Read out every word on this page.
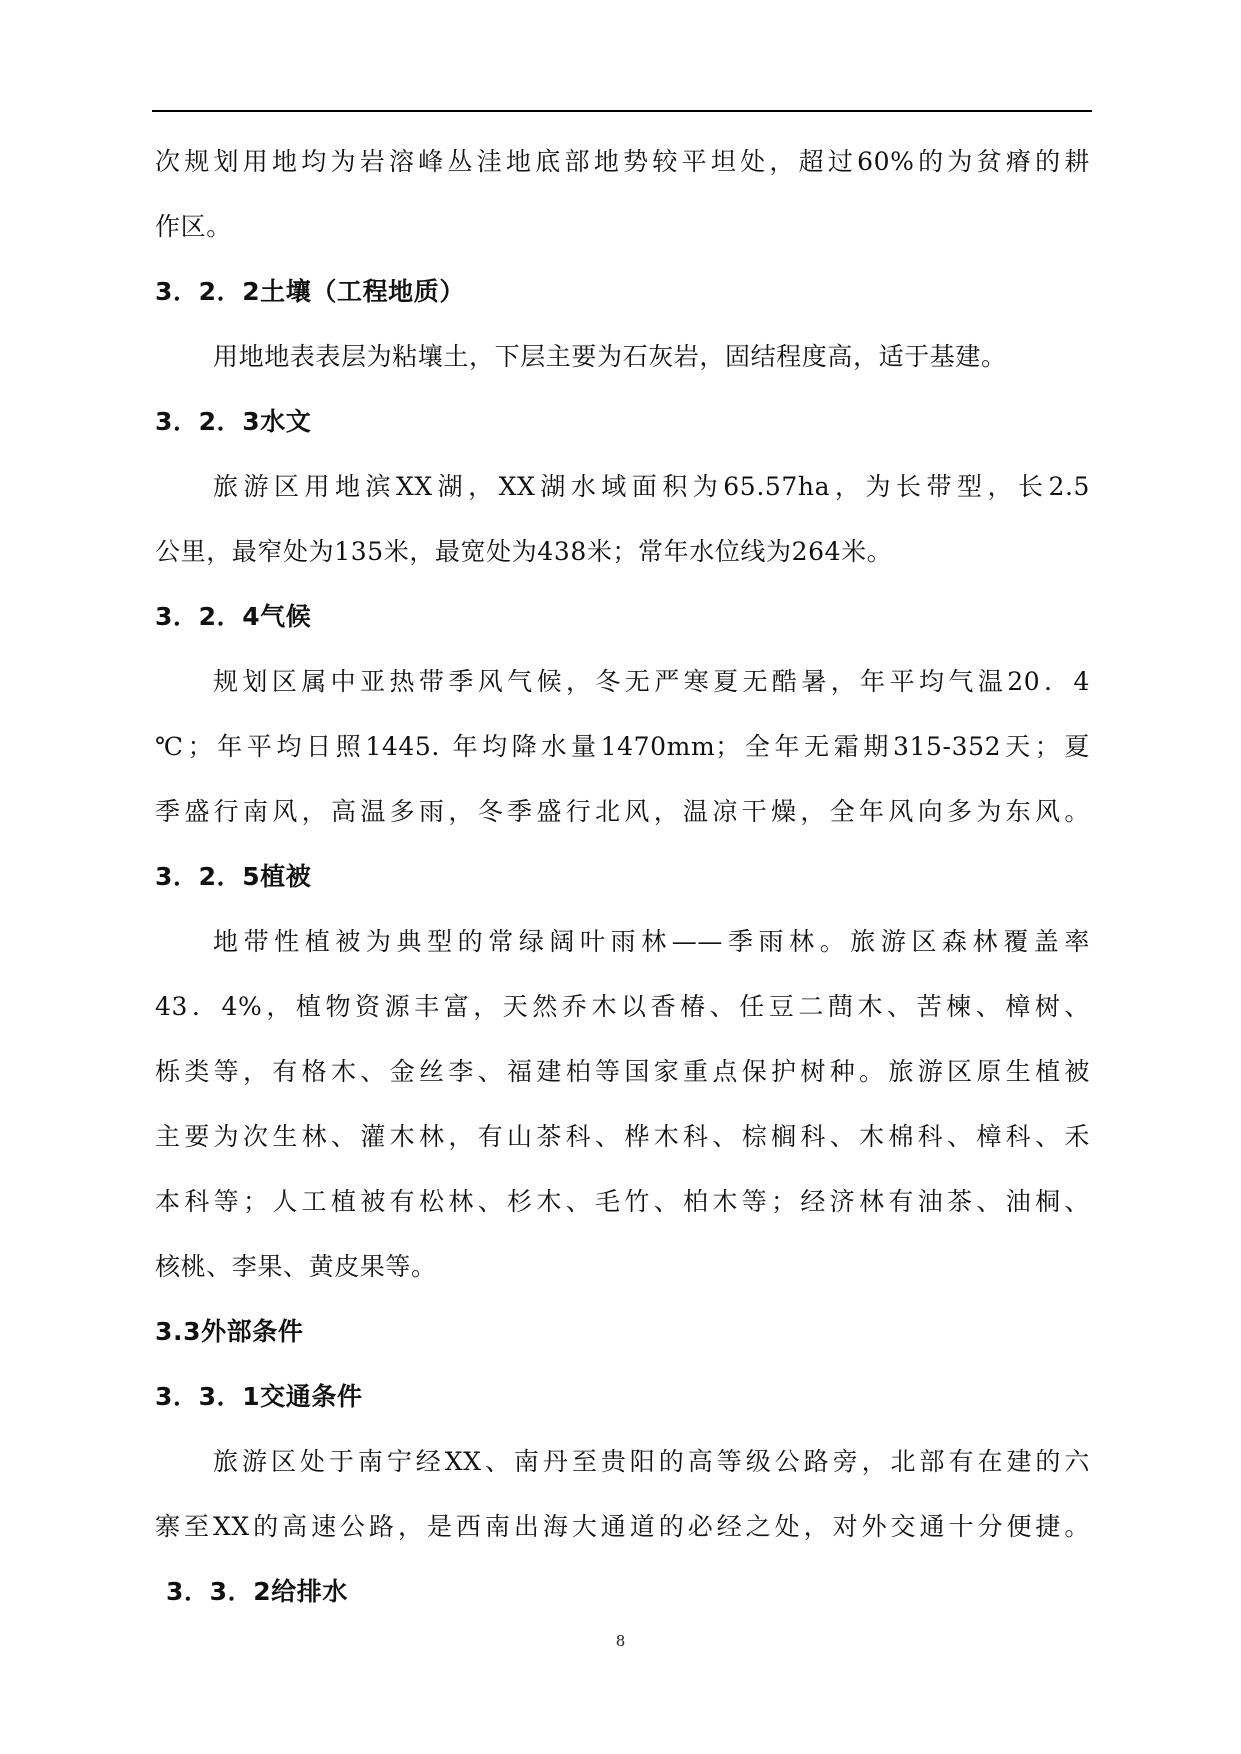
次规划用地均为岩溶峰丛洼地底部地势较平坦处，超过60%的为贫瘠的耕

作区。

3．2．2土壤（工程地质）

用地地表表层为粘壤土，下层主要为石灰岩，固结程度高，适于基建。

3．2．3水文

旅游区用地滨XX湖，XX湖水域面积为65.57ha，为长带型，长2.5

公里，最窄处为135米，最宽处为438米；常年水位线为264米。

3．2．4气候

规划区属中亚热带季风气候，冬无严寒夏无酷暑，年平均气温20．4

℃；年平均日照1445. 年均降水量1470mm；全年无霜期315-352天；夏

季盛行南风，高温多雨，冬季盛行北风，温凉干燥，全年风向多为东风。

3．2．5植被

地带性植被为典型的常绿阔叶雨林——季雨林。旅游区森林覆盖率

43．4%，植物资源丰富，天然乔木以香椿、任豆二蔄木、苦楝、樟树、

栎类等，有格木、金丝李、福建柏等国家重点保护树种。旅游区原生植被

主要为次生林、灌木林，有山茶科、桦木科、棕榈科、木棉科、樟科、禾

本科等；人工植被有松林、杉木、毛竹、柏木等；经济林有油茶、油桐、

核桃、李果、黄皮果等。

3.3外部条件

3．3．1交通条件

旅游区处于南宁经XX、南丹至贵阳的高等级公路旁，北部有在建的六

寨至XX的高速公路，是西南出海大通道的必经之处，对外交通十分便捷。

3．3．2给排水

8
